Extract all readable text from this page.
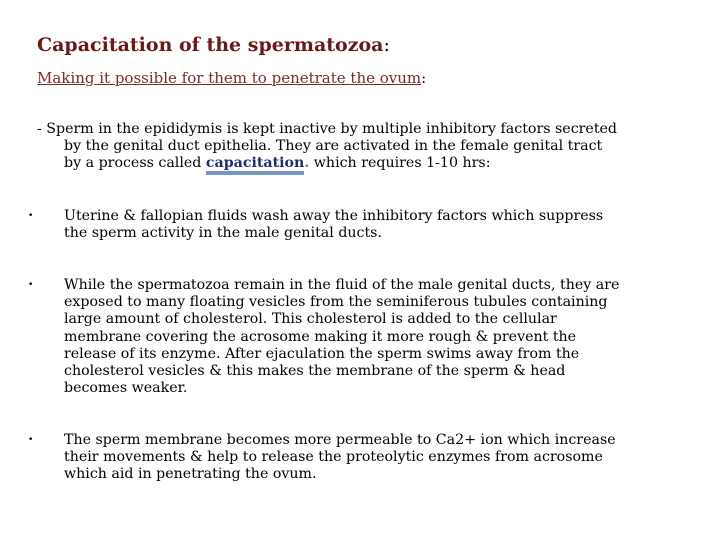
Capacitation of the spermatozoa:
Making it possible for them to penetrate the ovum:
- Sperm in the epididymis is kept inactive by multiple inhibitory factors secreted
by the genital duct epithelia. They are activated in the female genital tract
by a process called capacitation. which requires 1-10 hrs:
•	Uterine & fallopian fluids wash away the inhibitory factors which suppress
the sperm activity in the male genital ducts.
•	While the spermatozoa remain in the fluid of the male genital ducts, they are
exposed to many floating vesicles from the seminiferous tubules containing
large amount of cholesterol. This cholesterol is added to the cellular
membrane covering the acrosome making it more rough & prevent the
release of its enzyme. After ejaculation the sperm swims away from the
cholesterol vesicles & this makes the membrane of the sperm & head
becomes weaker.
•	The sperm membrane becomes more permeable to Ca2+ ion which increase
their movements & help to release the proteolytic enzymes from acrosome
which aid in penetrating the ovum.
